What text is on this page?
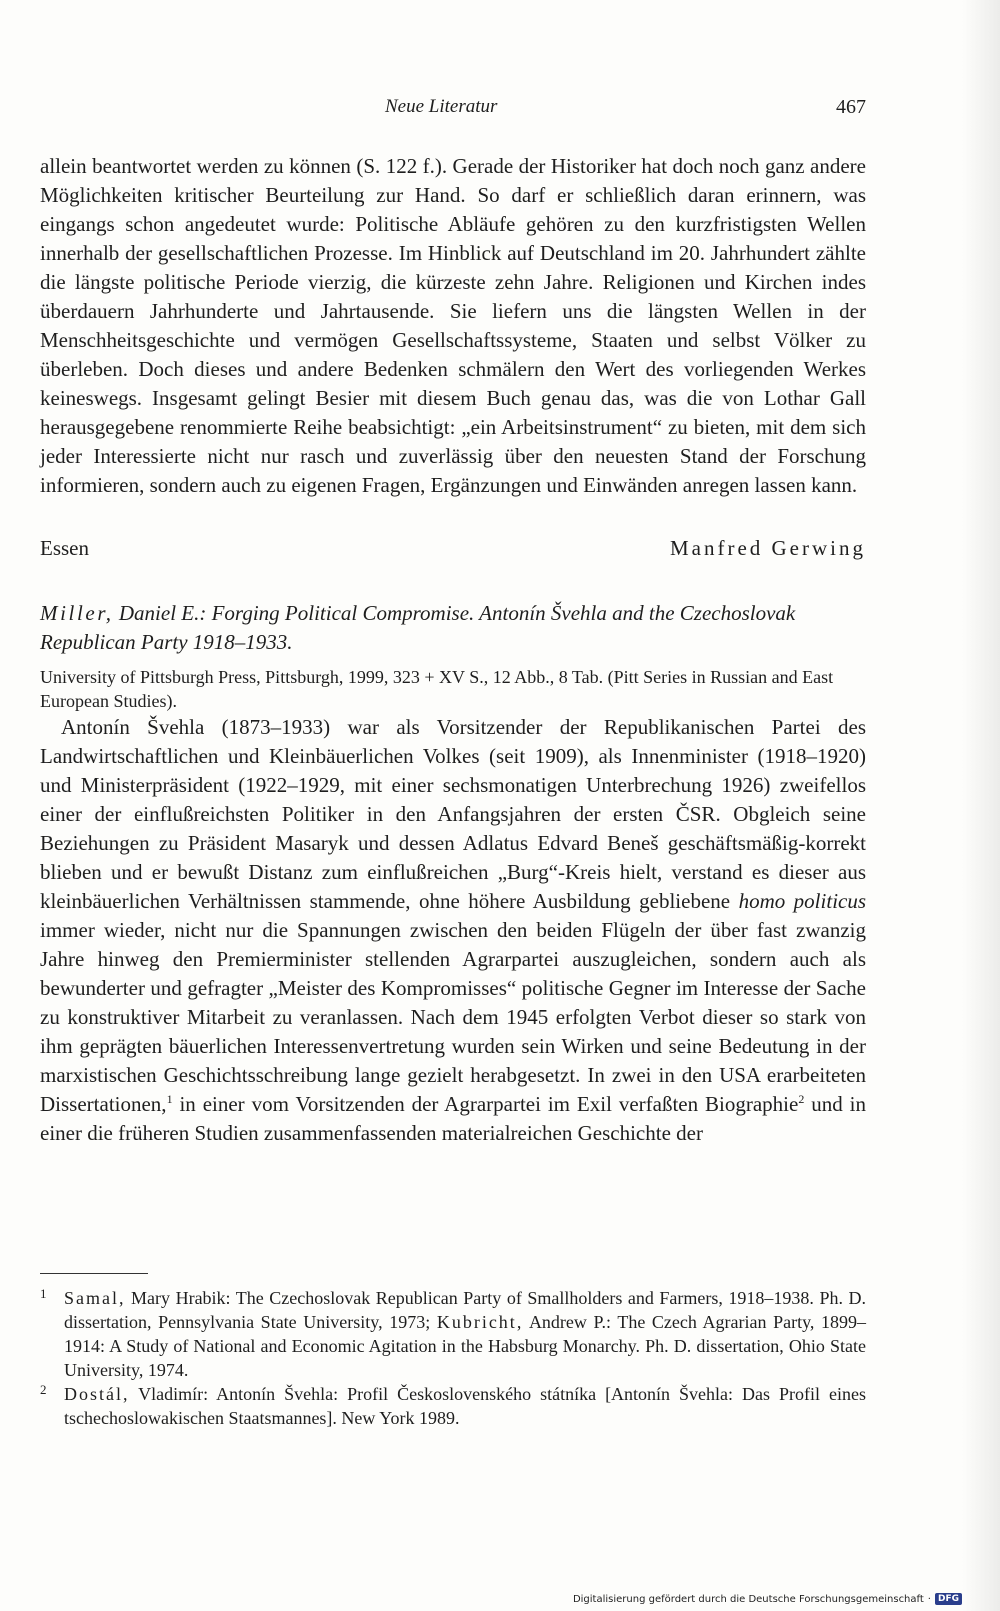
Neue Literatur	467

allein beantwortet werden zu können (S. 122 f.). Gerade der Historiker hat doch noch ganz andere Möglichkeiten kritischer Beurteilung zur Hand. So darf er schließlich daran erinnern, was eingangs schon angedeutet wurde: Politische Abläufe gehören zu den kurzfristigsten Wellen innerhalb der gesellschaftlichen Prozesse. Im Hinblick auf Deutschland im 20. Jahrhundert zählte die längste politische Periode vierzig, die kürzeste zehn Jahre. Religionen und Kirchen indes überdauern Jahrhunderte und Jahrtausende. Sie liefern uns die längsten Wellen in der Menschheitsgeschichte und vermögen Gesellschaftssysteme, Staaten und selbst Völker zu überleben. Doch dieses und andere Bedenken schmälern den Wert des vorliegenden Werkes keineswegs. Insgesamt gelingt Besier mit diesem Buch genau das, was die von Lothar Gall herausgegebene renommierte Reihe beabsichtigt: „ein Arbeitsinstrument“ zu bieten, mit dem sich jeder Interessierte nicht nur rasch und zuverlässig über den neuesten Stand der Forschung informieren, sondern auch zu eigenen Fragen, Ergänzungen und Einwänden anregen lassen kann.

Essen	Manfred Gerwing
Miller, Daniel E.: Forging Political Compromise. Antonín Švehla and the Czechoslovak Republican Party 1918–1933.
University of Pittsburgh Press, Pittsburgh, 1999, 323 + XV S., 12 Abb., 8 Tab. (Pitt Series in Russian and East European Studies).

Antonín Švehla (1873–1933) war als Vorsitzender der Republikanischen Partei des Landwirtschaftlichen und Kleinbäuerlichen Volkes (seit 1909), als Innenminister (1918–1920) und Ministerpräsident (1922–1929, mit einer sechsmonatigen Unterbrechung 1926) zweifellos einer der einflußreichsten Politiker in den Anfangsjahren der ersten ČSR. Obgleich seine Beziehungen zu Präsident Masaryk und dessen Adlatus Edvard Beneš geschäftsmäßig-korrekt blieben und er bewußt Distanz zum einflußreichen „Burg“-Kreis hielt, verstand es dieser aus kleinbäuerlichen Verhältnissen stammende, ohne höhere Ausbildung gebliebene homo politicus immer wieder, nicht nur die Spannungen zwischen den beiden Flügeln der über fast zwanzig Jahre hinweg den Premierminister stellenden Agrarpartei auszugleichen, sondern auch als bewunderter und gefragter „Meister des Kompromisses“ politische Gegner im Interesse der Sache zu konstruktiver Mitarbeit zu veranlassen. Nach dem 1945 erfolgten Verbot dieser so stark von ihm geprägten bäuerlichen Interessenvertretung wurden sein Wirken und seine Bedeutung in der marxistischen Geschichtsschreibung lange gezielt herabgesetzt. In zwei in den USA erarbeiteten Dissertationen,$^1$ in einer vom Vorsitzenden der Agrarpartei im Exil verfaßten Biographie$^2$ und in einer die früheren Studien zusammenfassenden materialreichen Geschichte der

1 Samal, Mary Hrabik: The Czechoslovak Republican Party of Smallholders and Farmers, 1918–1938. Ph. D. dissertation, Pennsylvania State University, 1973; Kubricht, Andrew P.: The Czech Agrarian Party, 1899–1914: A Study of National and Economic Agitation in the Habsburg Monarchy. Ph. D. dissertation, Ohio State University, 1974.
2 Dostál, Vladimír: Antonín Švehla: Profil Československého státníka [Antonín Švehla: Das Profil eines tschechoslowakischen Staatsmannes]. New York 1989.
Digitalisierung gefördert durch die Deutsche Forschungsgemeinschaft · DFG
